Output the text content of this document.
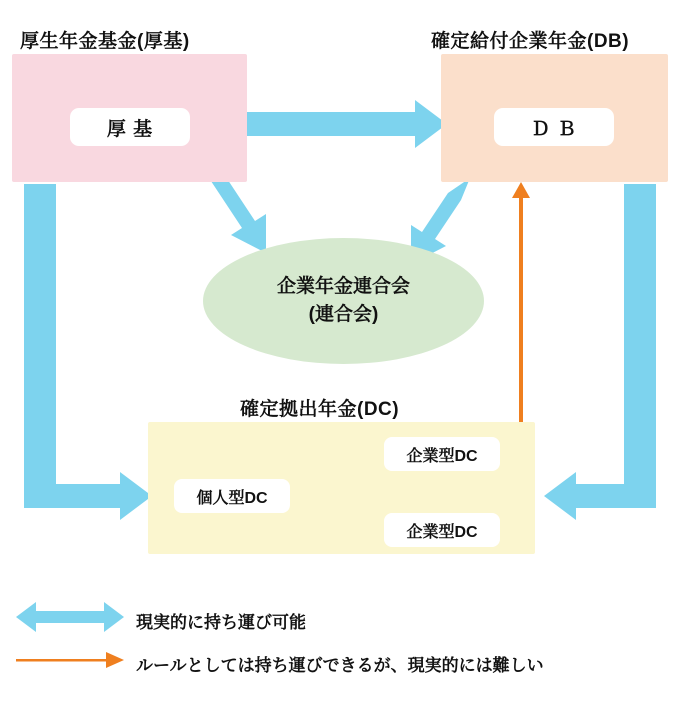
厚生年金基金(厚基)	確定給付企業年金(DB)
確定拠出年金(DC)
厚 基	Ｄ Ｂ
個人型DC
企業型DC
企業型DC
企業年金連合会
(連合会)
現実的に持ち運び可能
ルールとしては持ち運びできるが、現実的には難しい
